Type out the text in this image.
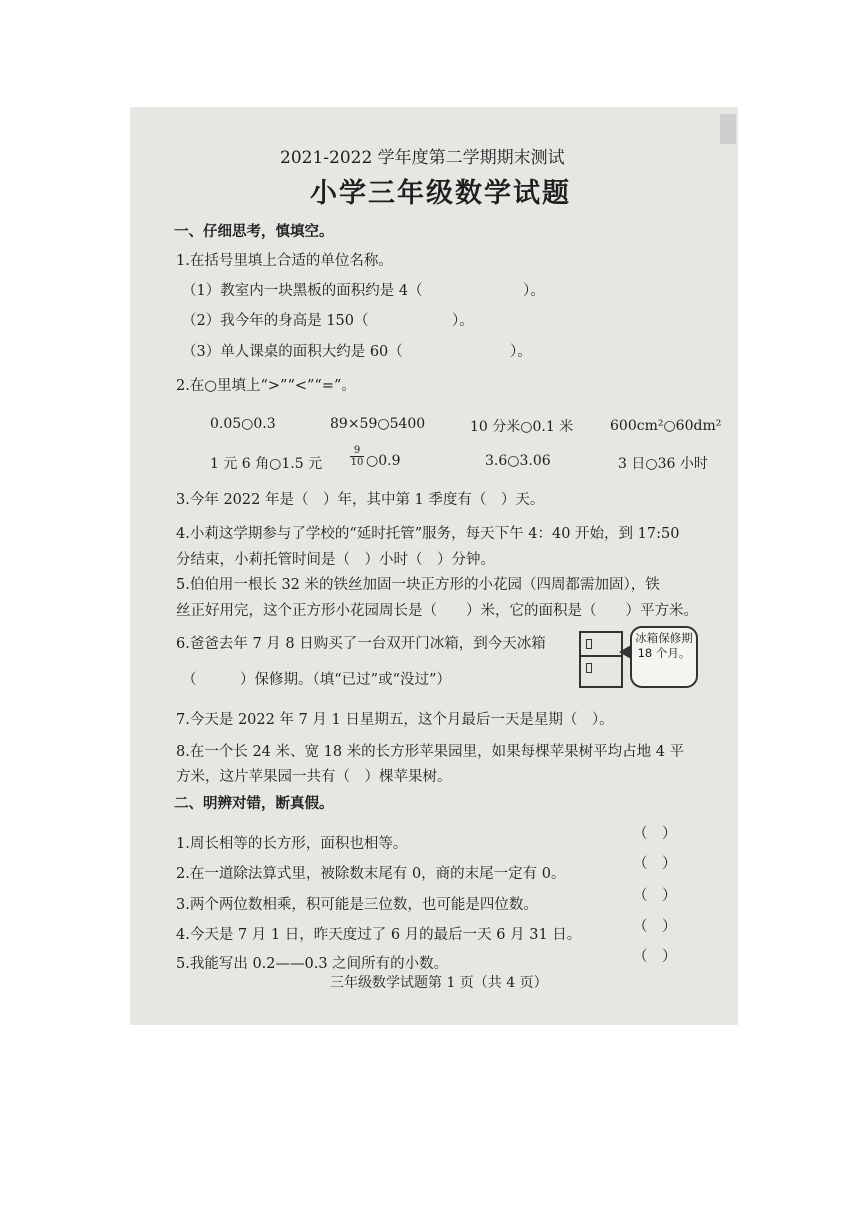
2021-2022 学年度第二学期期末测试
小学三年级数学试题
一、仔细思考，慎填空。
1.在括号里填上合适的单位名称。
（1）教室内一块黑板的面积约是 4（	）。
（2）我今年的身高是 150（	）。
（3）单人课桌的面积大约是 60（	）。
2.在○里填上“>”“<”“=”。
0.05○0.3	89×59○5400	10 分米○0.1 米	600cm²○60dm²
1 元 6 角○1.5 元	$\frac{9}{10}$ ○0.9	3.6○3.06	3 日○36 小时
3.今年 2022 年是（　）年，其中第 1 季度有（　）天。
4.小莉这学期参与了学校的“延时托管”服务，每天下午 4：40 开始，到 17:50
分结束，小莉托管时间是（　）小时（　）分钟。
5.伯伯用一根长 32 米的铁丝加固一块正方形的小花园（四周都需加固），铁
丝正好用完，这个正方形小花园周长是（　　）米，它的面积是（　　）平方米。
6.爸爸去年 7 月 8 日购买了一台双开门冰箱，到今天冰箱
（　　　）保修期。（填“已过”或“没过”）
冰箱保修期 18 个月。
7.今天是 2022 年 7 月 1 日星期五，这个月最后一天是星期（　）。
8.在一个长 24 米、宽 18 米的长方形苹果园里，如果每棵苹果树平均占地 4 平
方米，这片苹果园一共有（　）棵苹果树。
二、明辨对错，断真假。
1.周长相等的长方形，面积也相等。
（　）
2.在一道除法算式里，被除数末尾有 0，商的末尾一定有 0。
（　）
3.两个两位数相乘，积可能是三位数，也可能是四位数。
（　）
4.今天是 7 月 1 日，昨天度过了 6 月的最后一天 6 月 31 日。	（　）
5.我能写出 0.2——0.3 之间所有的小数。	（　）
三年级数学试题第 1 页（共 4 页）
